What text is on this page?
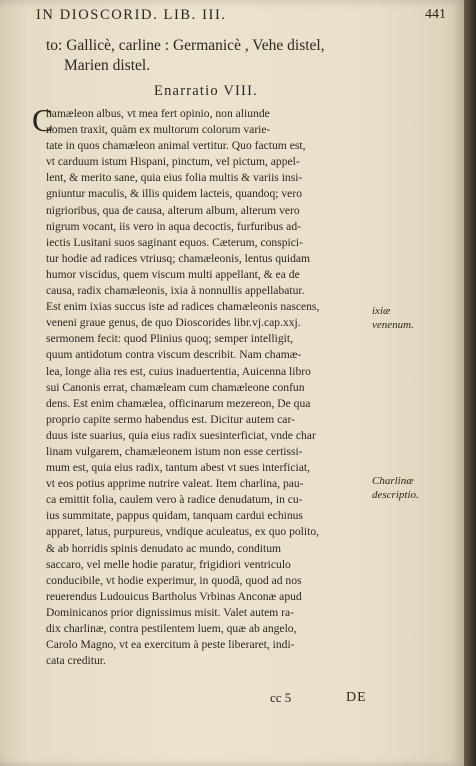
IN DIOSCORID. LIB. III.	441

to: Gallicè, carline : Germanicè , Vehe distel,

Marien distel.

Enarratio VIII.
C
hamæleon albus, vt mea fert opinio, non aliunde
nomen traxit, quàm ex multorum colorum varie-
tate in quos chamæleon animal vertitur. Quo factum est,
vt carduum istum Hispani, pinctum, vel pictum, appel-
lent, & merito sane, quia eius folia multis & variis insi-
gniuntur maculis, & illis quidem lacteis, quandoq; vero
nigrioribus, qua de causa, alterum album, alterum vero
nigrum vocant, iis vero in aqua decoctis, furfuribus ad-
iectis Lusitani suos saginant equos. Cæterum, conspici-
tur hodie ad radices vtriusq; chamæleonis, lentus quidam
humor viscidus, quem viscum multi appellant, & ea de
causa, radix chamæleonis, ixia à nonnullis appellabatur.
Est enim ixias succus iste ad radices chamæleonis nascens,
veneni graue genus, de quo Dioscorides libr.vj.cap.xxj.
sermonem fecit: quod Plinius quoq; semper intelligit,
quum antidotum contra viscum describit. Nam chamæ-
lea, longe alia res est, cuius inaduertentia, Auicenna libro
sui Canonis errat, chamæleam cum chamæleone confun
dens. Est enim chamælea, officinarum mezereon, De qua
proprio capite sermo habendus est. Dicitur autem car-
duus iste suarius, quia eius radix suesinterficiat, vnde char
linam vulgarem, chamæleonem istum non esse certissi-
mum est, quia eius radix, tantum abest vt sues interficiat,
vt eos potius apprime nutrire valeat. Item charlina, pau-
ca emittit folia, caulem vero à radice denudatum, in cu-
ius summitate, pappus quidam, tanquam cardui echinus
apparet, latus, purpureus, vndique aculeatus, ex quo polito,
& ab horridis spinis denudato ac mundo, conditum
saccaro, vel melle hodie paratur, frigidiori ventriculo
conducibile, vt hodie experimur, in quodã, quod ad nos
reuerendus Ludouicus Bartholus Vrbinas Anconæ apud
Dominicanos prior dignissimus misit. Valet autem ra-
dix charlinæ, contra pestilentem luem, quæ ab angelo,
Carolo Magno, vt ea exercitum à peste liberaret, indi-
cata creditur.
ixiæ
venenum.
Charlinæ
descriptio.
cc 5	DE
